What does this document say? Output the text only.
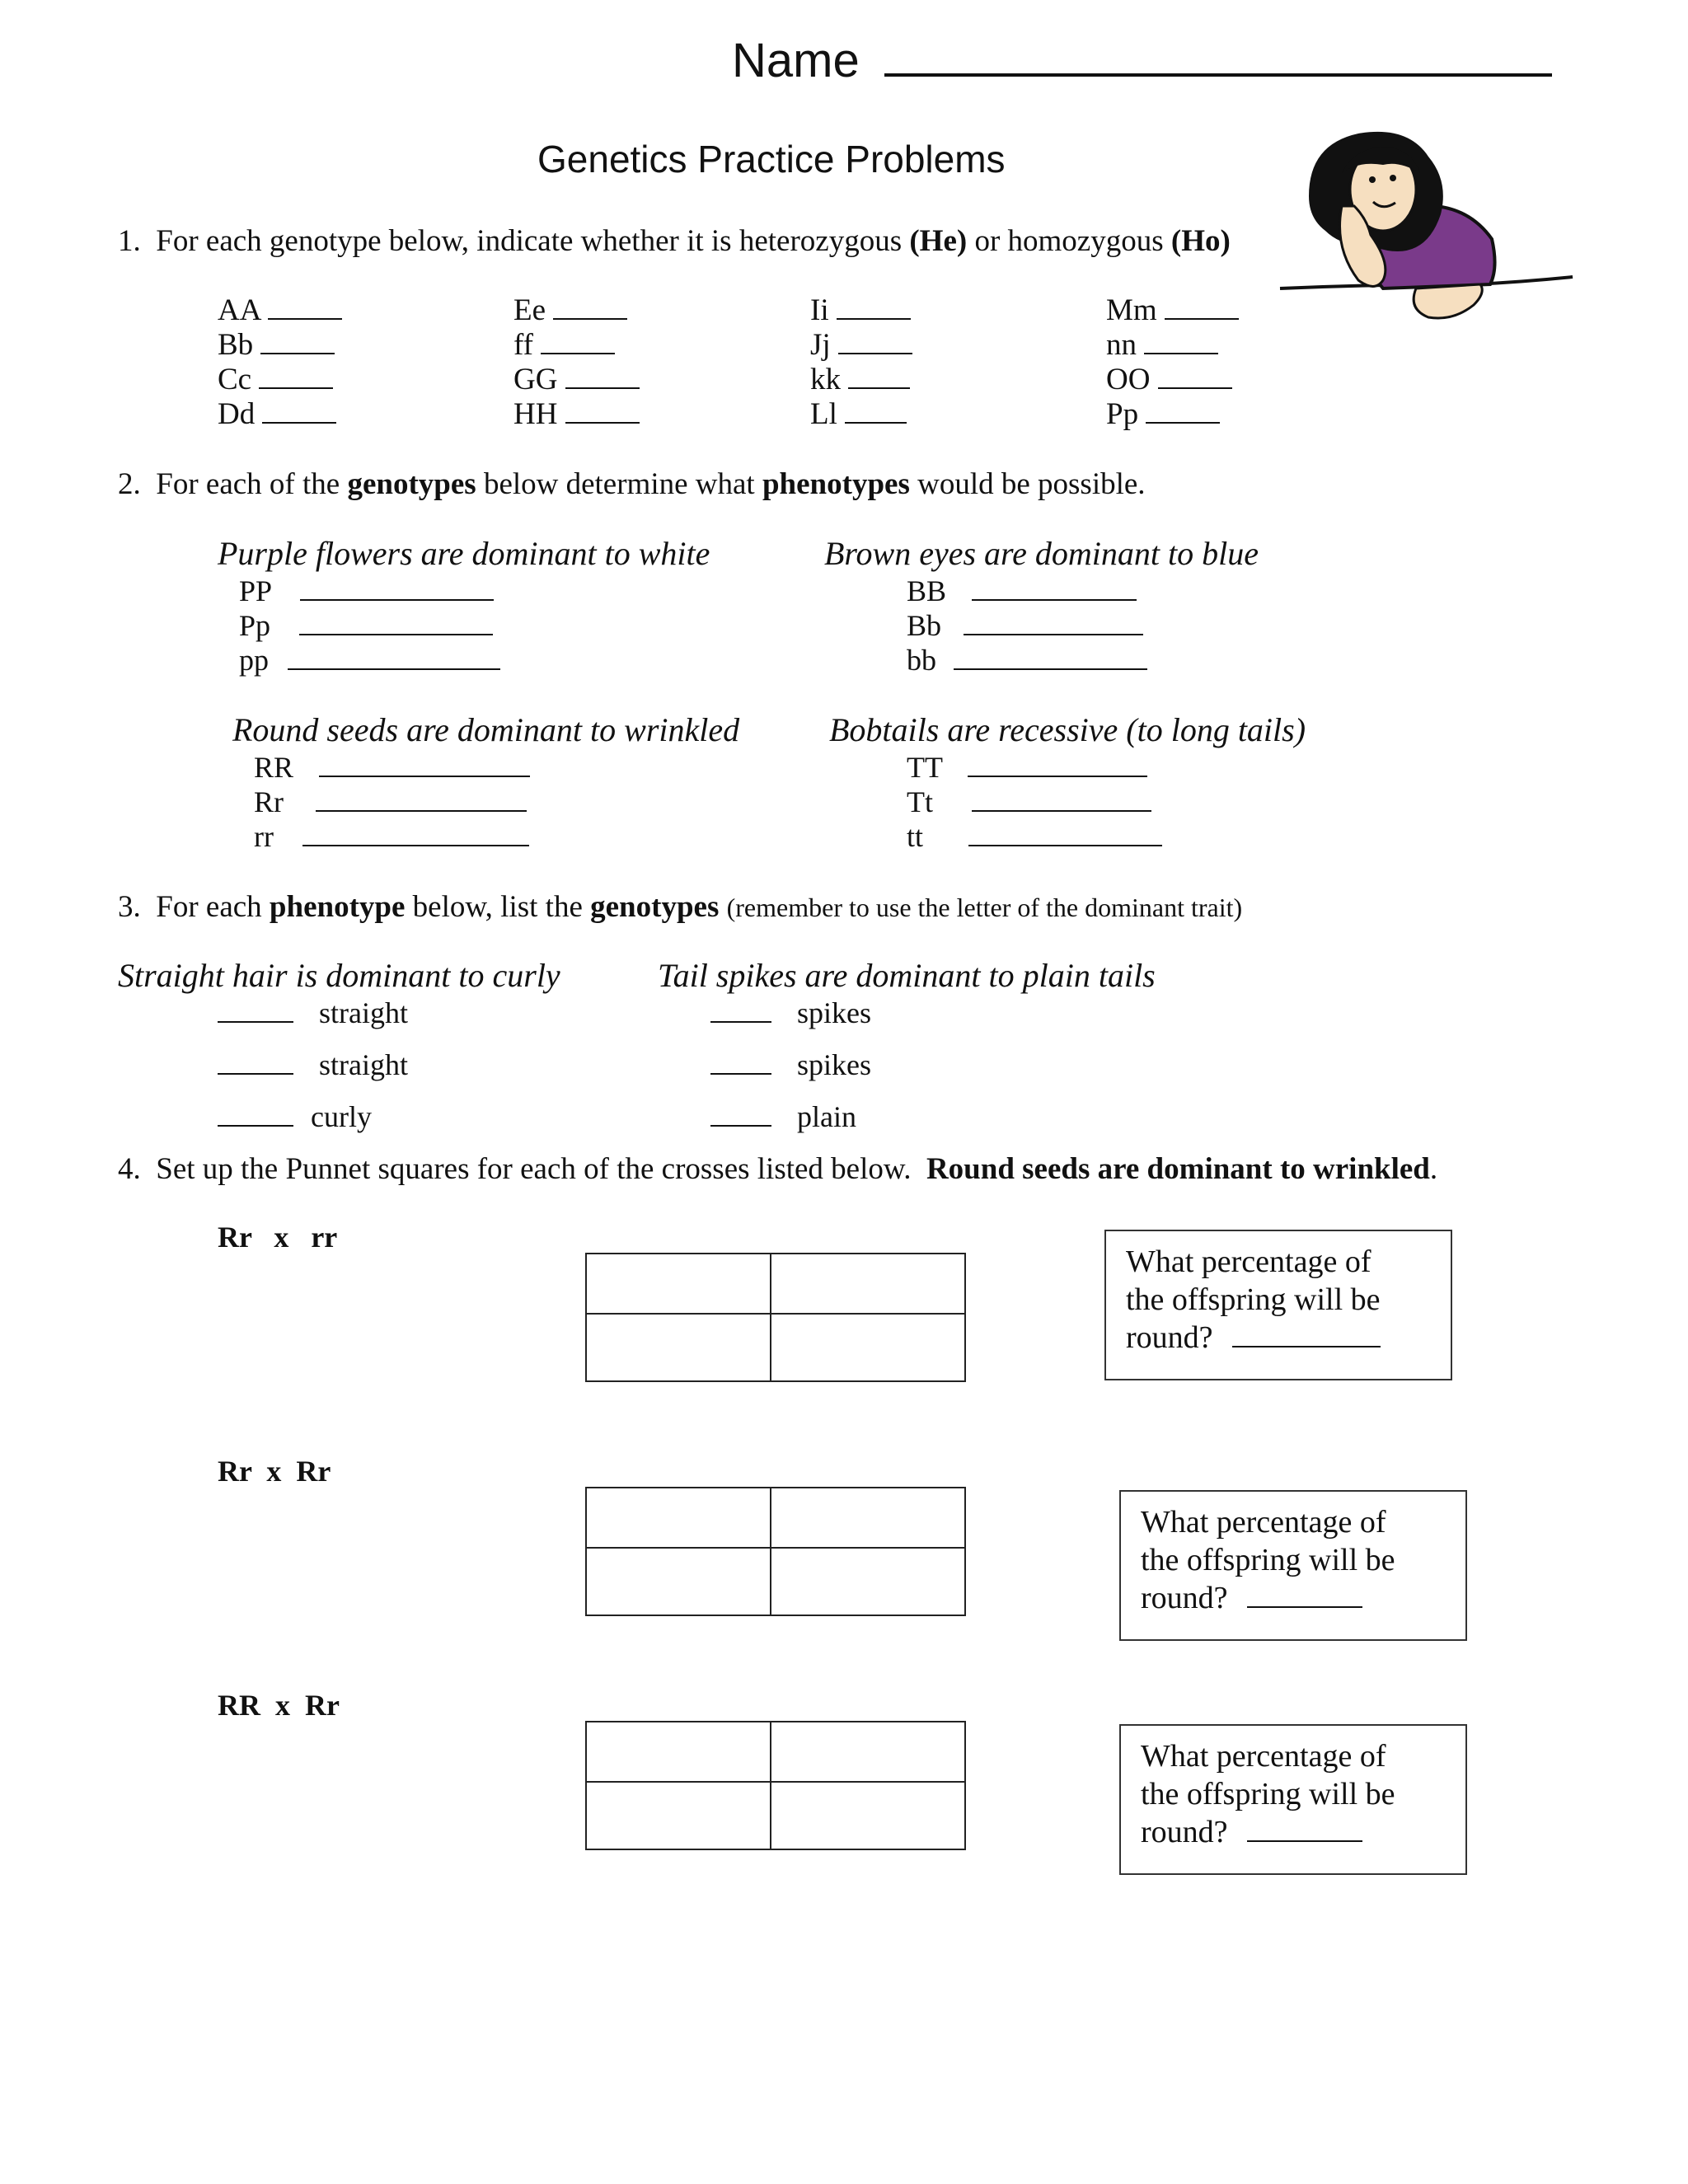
Name
Genetics Practice Problems
1. For each genotype below, indicate whether it is heterozygous (He) or homozygous (Ho)
AA
Bb
Cc
Dd
Ee
ff
GG
HH
Ii
Jj
kk
Ll
Mm
nn
OO
Pp
2. For each of the genotypes below determine what phenotypes would be possible.
Purple flowers are dominant to white
PP
Pp
pp
Brown eyes are dominant to blue
BB
Bb
bb
Round seeds are dominant to wrinkled
RR
Rr
rr
Bobtails are recessive (to long tails)
TT
Tt
tt
3. For each phenotype below, list the genotypes (remember to use the letter of the dominant trait)
Straight hair is dominant to curly
straight
straight
curly
Tail spikes are dominant to plain tails
spikes
spikes
plain
4. Set up the Punnet squares for each of the crosses listed below. Round seeds are dominant to wrinkled.
Rr   x   rr
What percentage of
the offspring will be
round?
Rr  x  Rr
What percentage of
the offspring will be
round?
RR  x  Rr
What percentage of
the offspring will be
round?
